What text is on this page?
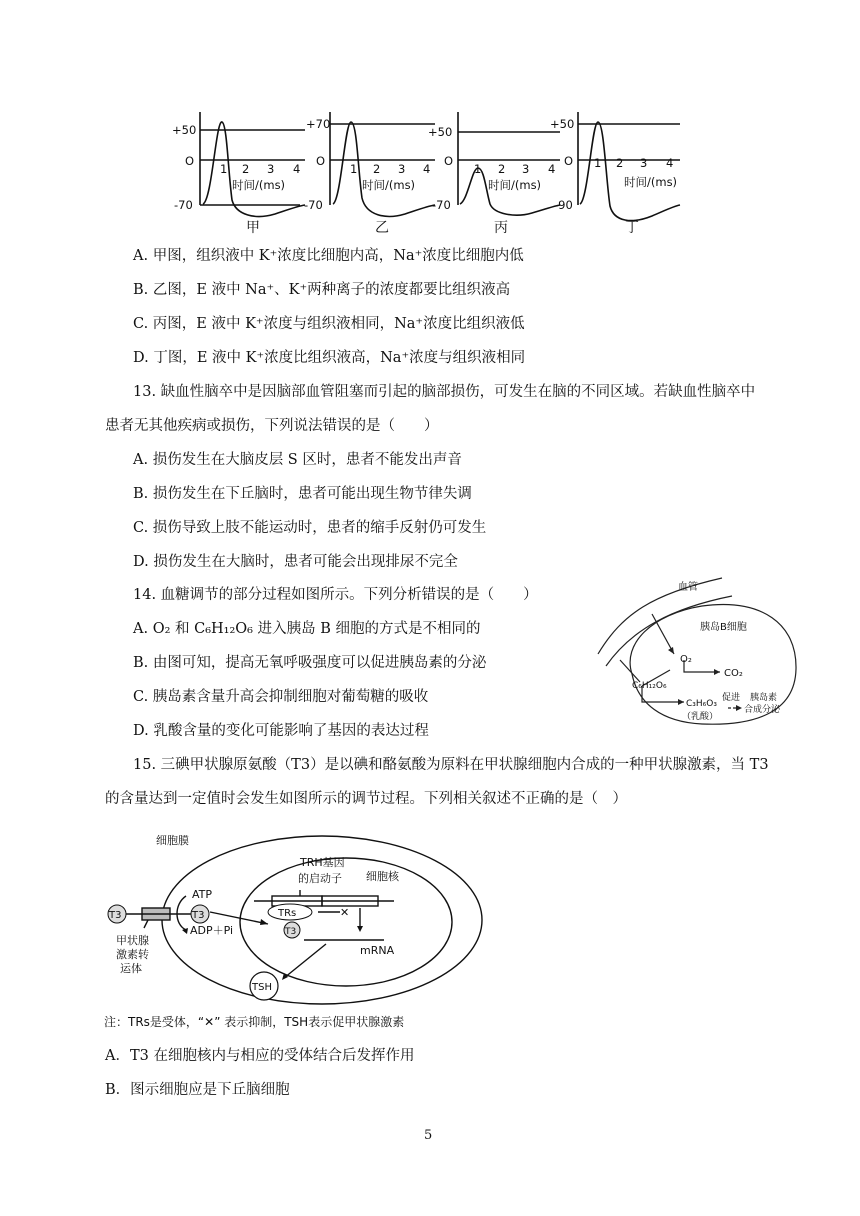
+50
O
-70
1 2 3 4
时间/(ms)
甲
+70
O
-70
1 2 3 4
时间/(ms)
乙
+50
O
-70
1 2 3 4
时间/(ms)
丙
+50
O
-90
1 2 3 4
时间/(ms)
丁
A. 甲图，组织液中 K⁺浓度比细胞内高，Na⁺浓度比细胞内低
B. 乙图，E 液中 Na⁺、K⁺两种离子的浓度都要比组织液高
C. 丙图，E 液中 K⁺浓度与组织液相同，Na⁺浓度比组织液低
D. 丁图，E 液中 K⁺浓度比组织液高，Na⁺浓度与组织液相同
13. 缺血性脑卒中是因脑部血管阻塞而引起的脑部损伤，可发生在脑的不同区域。若缺血性脑卒中
患者无其他疾病或损伤，下列说法错误的是（　　）
A. 损伤发生在大脑皮层 S 区时，患者不能发出声音
B. 损伤发生在下丘脑时，患者可能出现生物节律失调
C. 损伤导致上肢不能运动时，患者的缩手反射仍可发生
D. 损伤发生在大脑时，患者可能会出现排尿不完全
14. 血糖调节的部分过程如图所示。下列分析错误的是（　　）
A. O₂ 和 C₆H₁₂O₆ 进入胰岛 B 细胞的方式是不相同的
B. 由图可知，提高无氧呼吸强度可以促进胰岛素的分泌
C. 胰岛素含量升高会抑制细胞对葡萄糖的吸收
D. 乳酸含量的变化可能影响了基因的表达过程
血管
胰岛B细胞
O₂
CO₂
C₆H₁₂O₆
C₃H₆O₃
（乳酸）
促进 胰岛素
合成分泌
15. 三碘甲状腺原氨酸（T3）是以碘和酪氨酸为原料在甲状腺细胞内合成的一种甲状腺激素，当 T3
的含量达到一定值时会发生如图所示的调节过程。下列相关叙述不正确的是（　）
细胞膜
T3
ATP
T3
ADP＋Pi
甲状腺
激素转
运体
TRH基因
的启动子 细胞核
TRs
T3
✕
mRNA
TSH
注：TRs是受体，“✕” 表示抑制，TSH表示促甲状腺激素
A．T3 在细胞核内与相应的受体结合后发挥作用
B．图示细胞应是下丘脑细胞
5
